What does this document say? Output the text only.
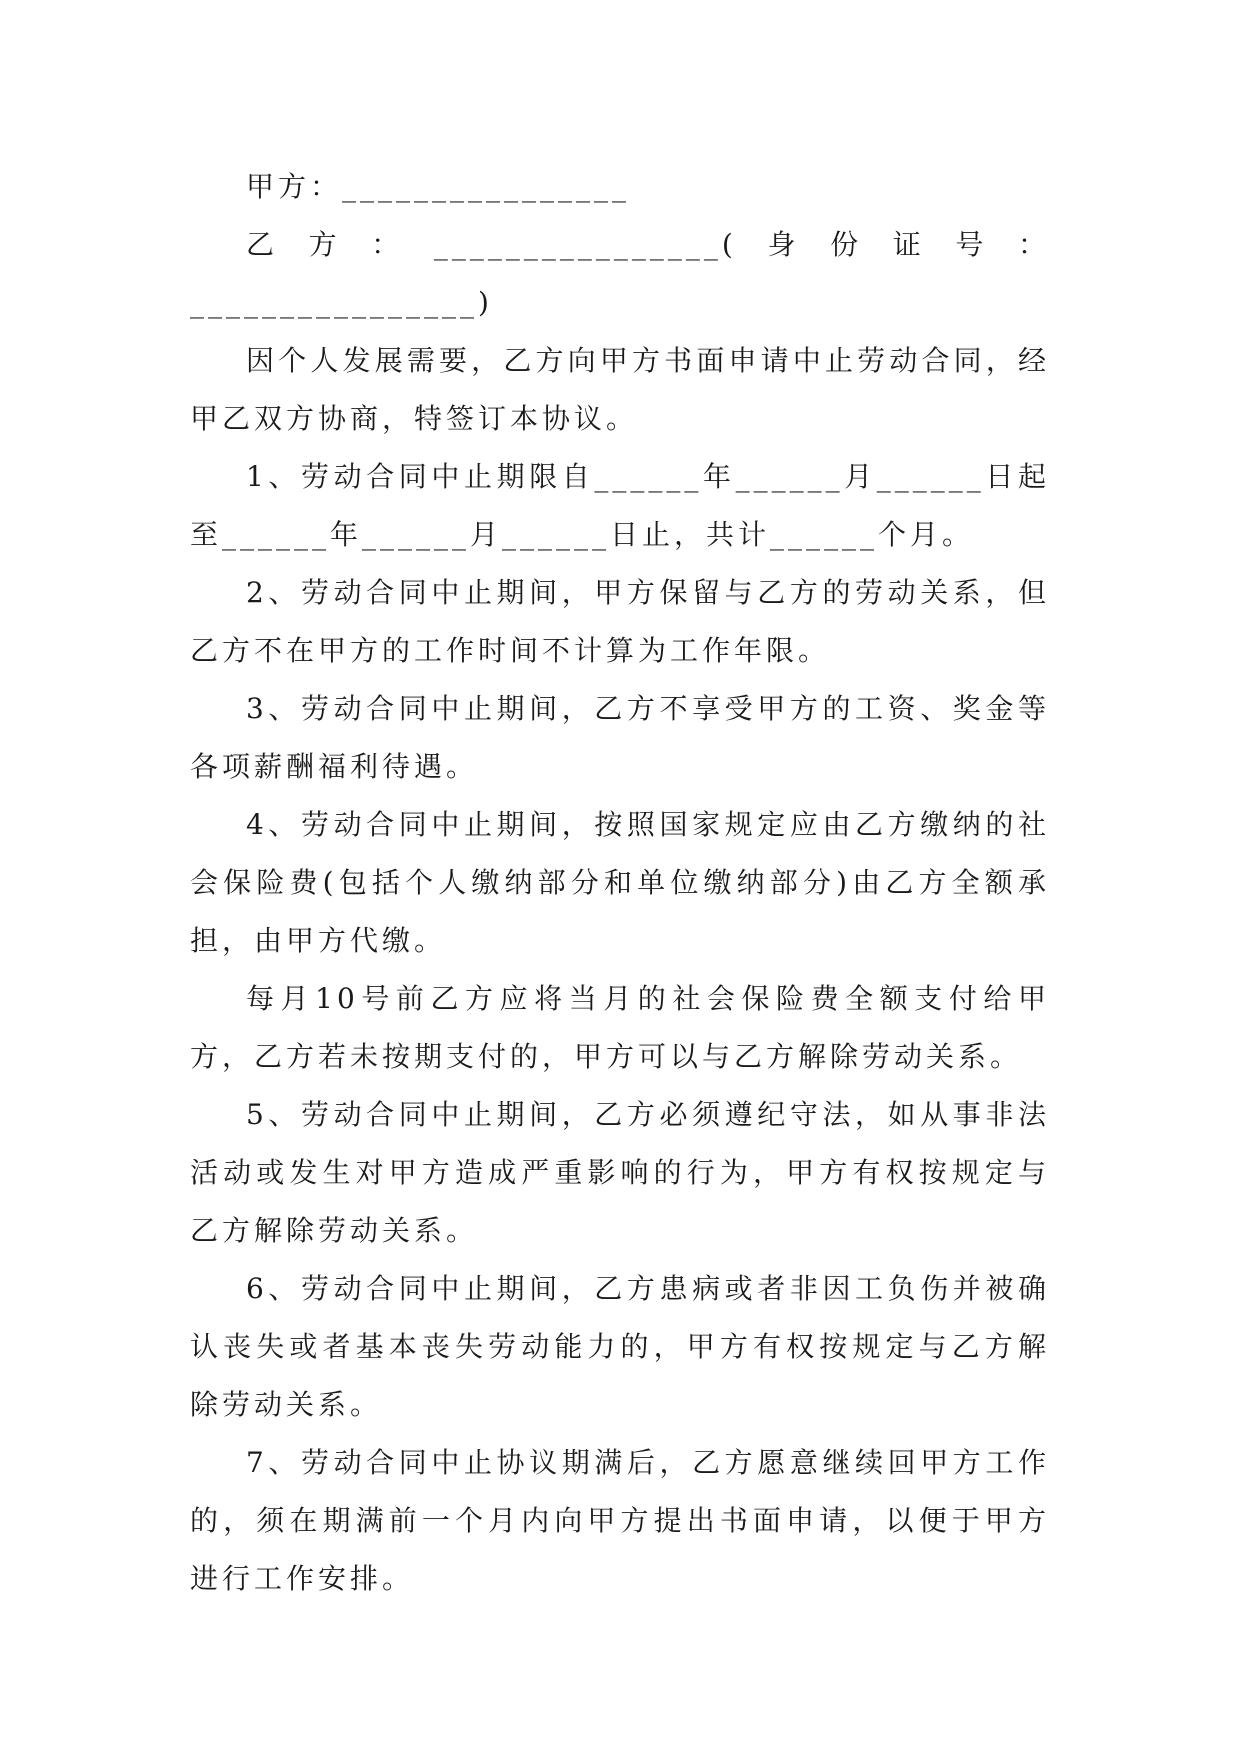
甲方：________________

乙方：________________(身份证号：________________)

因个人发展需要，乙方向甲方书面申请中止劳动合同，经甲乙双方协商，特签订本协议。

1、劳动合同中止期限自______年______月______日起至______年______月______日止，共计______个月。

2、劳动合同中止期间，甲方保留与乙方的劳动关系，但乙方不在甲方的工作时间不计算为工作年限。

3、劳动合同中止期间，乙方不享受甲方的工资、奖金等各项薪酬福利待遇。

4、劳动合同中止期间，按照国家规定应由乙方缴纳的社会保险费(包括个人缴纳部分和单位缴纳部分)由乙方全额承担，由甲方代缴。

每月10号前乙方应将当月的社会保险费全额支付给甲方，乙方若未按期支付的，甲方可以与乙方解除劳动关系。

5、劳动合同中止期间，乙方必须遵纪守法，如从事非法活动或发生对甲方造成严重影响的行为，甲方有权按规定与乙方解除劳动关系。

6、劳动合同中止期间，乙方患病或者非因工负伤并被确认丧失或者基本丧失劳动能力的，甲方有权按规定与乙方解除劳动关系。

7、劳动合同中止协议期满后，乙方愿意继续回甲方工作的，须在期满前一个月内向甲方提出书面申请，以便于甲方进行工作安排。
